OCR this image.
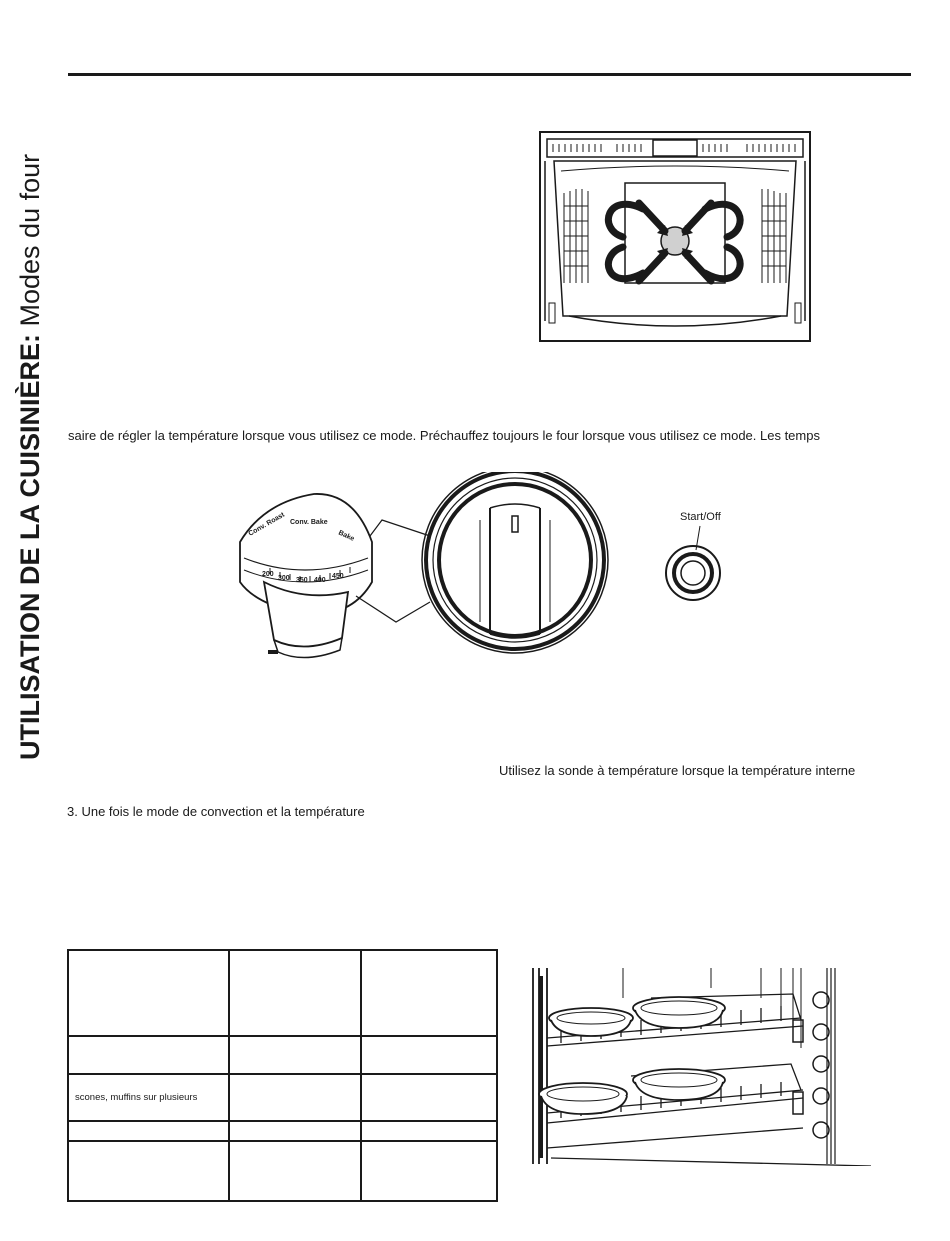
UTILISATION DE LA CUISINIÈRE: Modes du four
saire de régler la température lorsque vous utilisez ce mode. Préchauffez toujours le four lorsque vous utilisez ce mode. Les temps
Conv. Roast Conv. Bake
Bake
200
300 350 400
450
Start/Off
Utilisez la sonde à température lorsque la température interne
3. Une fois le mode de convection et la température

scones, muffins sur plusieurs		
